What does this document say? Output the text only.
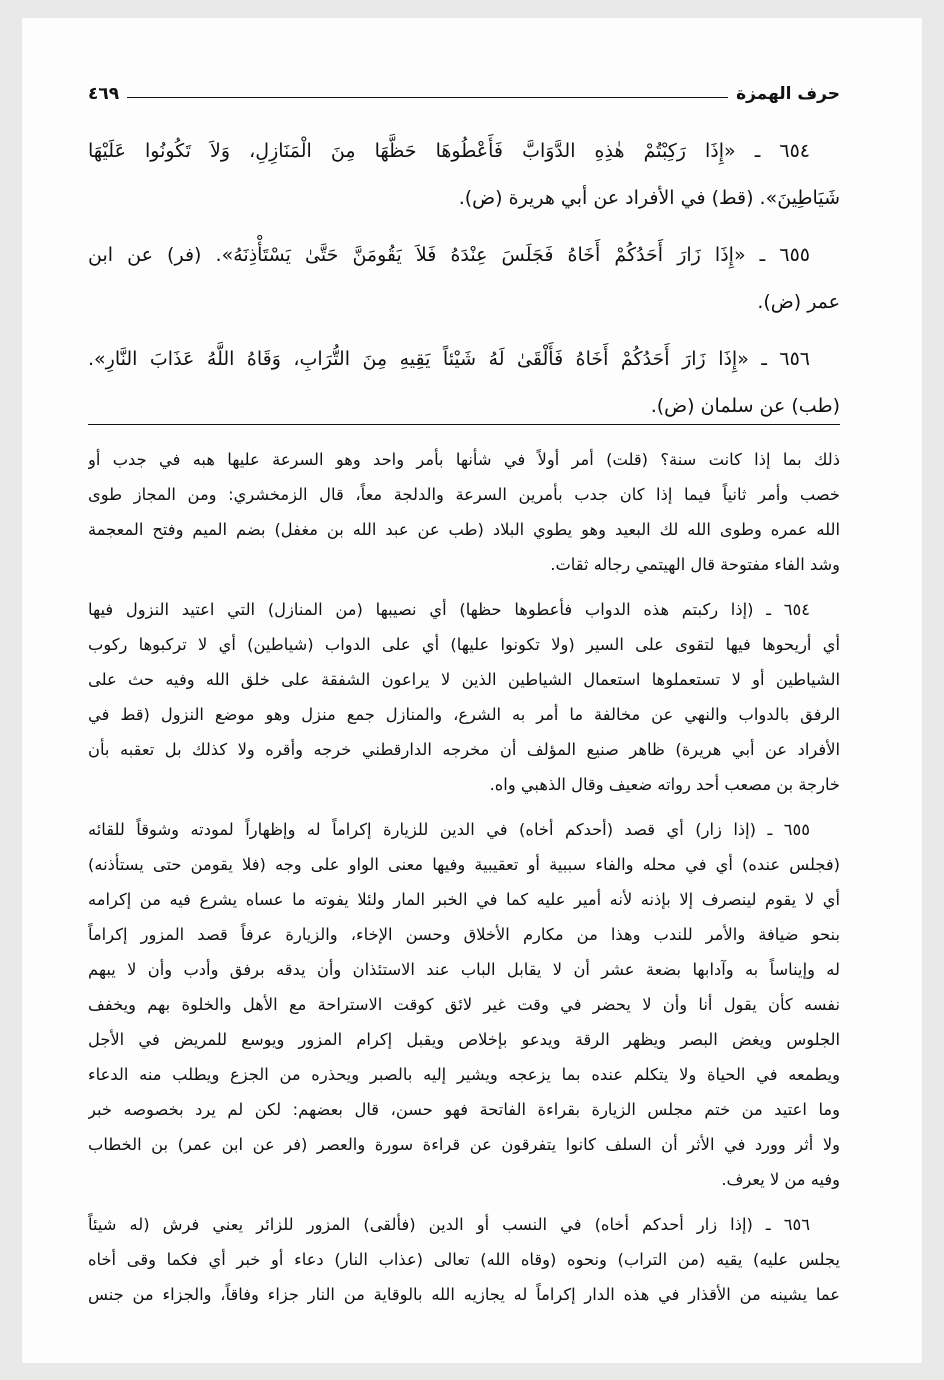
حرف الهمزة
٤٦٩
٦٥٤ ـ «إِذَا رَكِبْتُمْ هٰذِهِ الدَّوَابَّ فَأَعْطُوهَا حَظَّهَا مِنَ الْمَنَازِلِ، وَلاَ تَكُونُوا عَلَيْهَا
شَيَاطِينَ». (قط) في الأفراد عن أبي هريرة (ض).
٦٥٥ ـ «إِذَا زَارَ أَحَدُكُمْ أَخَاهُ فَجَلَسَ عِنْدَهُ فَلاَ يَقُومَنَّ حَتَّىٰ يَسْتَأْذِنَهُ». (فر) عن ابن
عمر (ض).
٦٥٦ ـ «إِذَا زَارَ أَحَدُكُمْ أَخَاهُ فَأَلْقَىٰ لَهُ شَيْئاً يَقِيهِ مِنَ التُّرَابِ، وَقَاهُ اللَّهُ عَذَابَ النَّارِ».
(طب) عن سلمان (ض).
ذلك بما إذا كانت سنة؟ (قلت) أمر أولاً في شأنها بأمر واحد وهو السرعة عليها هبه في جدب أو
خصب وأمر ثانياً فيما إذا كان جدب بأمرين السرعة والدلجة معاً، قال الزمخشري: ومن المجاز طوى
الله عمره وطوى الله لك البعيد وهو يطوي البلاد (طب عن عبد الله بن مغفل) بضم الميم وفتح المعجمة
وشد الفاء مفتوحة قال الهيتمي رجاله ثقات.
٦٥٤ ـ (إذا ركبتم هذه الدواب فأعطوها حظها) أي نصيبها (من المنازل) التي اعتيد النزول فيها
أي أريحوها فيها لتقوى على السير (ولا تكونوا عليها) أي على الدواب (شياطين) أي لا تركبوها ركوب
الشياطين أو لا تستعملوها استعمال الشياطين الذين لا يراعون الشفقة على خلق الله وفيه حث على
الرفق بالدواب والنهي عن مخالفة ما أمر به الشرع، والمنازل جمع منزل وهو موضع النزول (قط في
الأفراد عن أبي هريرة) ظاهر صنيع المؤلف أن مخرجه الدارقطني خرجه وأقره ولا كذلك بل تعقبه بأن
خارجة بن مصعب أحد رواته ضعيف وقال الذهبي واه.
٦٥٥ ـ (إذا زار) أي قصد (أحدكم أخاه) في الدين للزيارة إكراماً له وإظهاراً لمودته وشوقاً للقائه
(فجلس عنده) أي في محله والفاء سببية أو تعقيبية وفيها معنى الواو على وجه (فلا يقومن حتى يستأذنه)
أي لا يقوم لينصرف إلا بإذنه لأنه أمير عليه كما في الخبر المار ولئلا يفوته ما عساه يشرع فيه من إكرامه
بنحو ضيافة والأمر للندب وهذا من مكارم الأخلاق وحسن الإخاء، والزيارة عرفاً قصد المزور إكراماً
له وإيناساً به وآدابها بضعة عشر أن لا يقابل الباب عند الاستئذان وأن يدقه برفق وأدب وأن لا يبهم
نفسه كأن يقول أنا وأن لا يحضر في وقت غير لائق كوقت الاستراحة مع الأهل والخلوة بهم ويخفف
الجلوس ويغض البصر ويظهر الرقة ويدعو بإخلاص ويقبل إكرام المزور ويوسع للمريض في الأجل
ويطمعه في الحياة ولا يتكلم عنده بما يزعجه ويشير إليه بالصبر ويحذره من الجزع ويطلب منه الدعاء
وما اعتيد من ختم مجلس الزيارة بقراءة الفاتحة فهو حسن، قال بعضهم: لكن لم يرد بخصوصه خبر
ولا أثر وورد في الأثر أن السلف كانوا يتفرقون عن قراءة سورة والعصر (فر عن ابن عمر) بن الخطاب
وفيه من لا يعرف.
٦٥٦ ـ (إذا زار أحدكم أخاه) في النسب أو الدين (فألقى) المزور للزائر يعني فرش (له شيئاً
يجلس عليه) يقيه (من التراب) ونحوه (وقاه الله) تعالى (عذاب النار) دعاء أو خبر أي فكما وقى أخاه
عما يشينه من الأقذار في هذه الدار إكراماً له يجازيه الله بالوقاية من النار جزاء وفاقاً، والجزاء من جنس
